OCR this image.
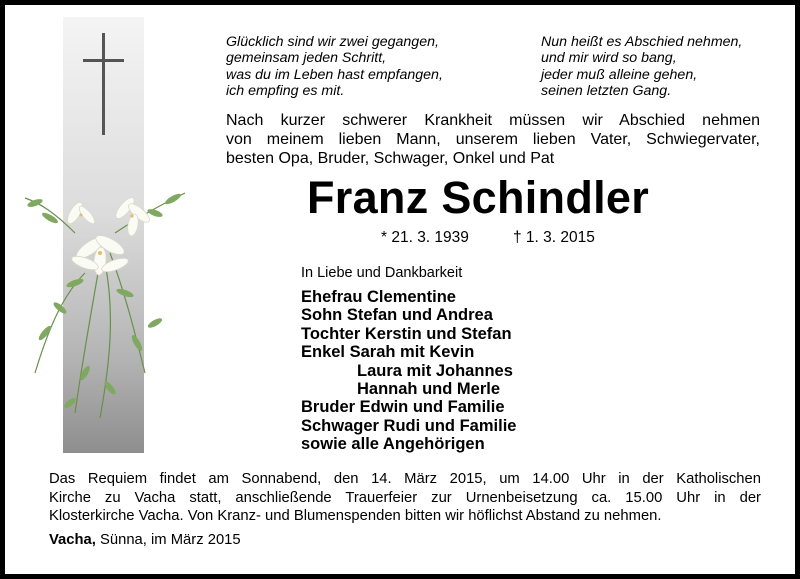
Glücklich sind wir zwei gegangen,
gemeinsam jeden Schritt,
was du im Leben hast empfangen,
ich empfing es mit.
Nun heißt es Abschied nehmen,
und mir wird so bang,
jeder muß alleine gehen,
seinen letzten Gang.
Nach kurzer schwerer Krankheit müssen wir Abschied nehmen
von meinem lieben Mann, unserem lieben Vater, Schwiegervater,
besten Opa, Bruder, Schwager, Onkel und Pat
Franz Schindler
* 21. 3. 1939	† 1. 3. 2015
In Liebe und Dankbarkeit
Ehefrau Clementine
Sohn Stefan und Andrea
Tochter Kerstin und Stefan
Enkel Sarah mit Kevin
Laura mit Johannes
Hannah und Merle
Bruder Edwin und Familie
Schwager Rudi und Familie
sowie alle Angehörigen
Das Requiem findet am Sonnabend, den 14. März 2015, um 14.00 Uhr in der Katholischen
Kirche zu Vacha statt, anschließende Trauerfeier zur Urnenbeisetzung ca. 15.00 Uhr in der
Klosterkirche Vacha. Von Kranz- und Blumenspenden bitten wir höflichst Abstand zu nehmen.
Vacha, Sünna, im März 2015
